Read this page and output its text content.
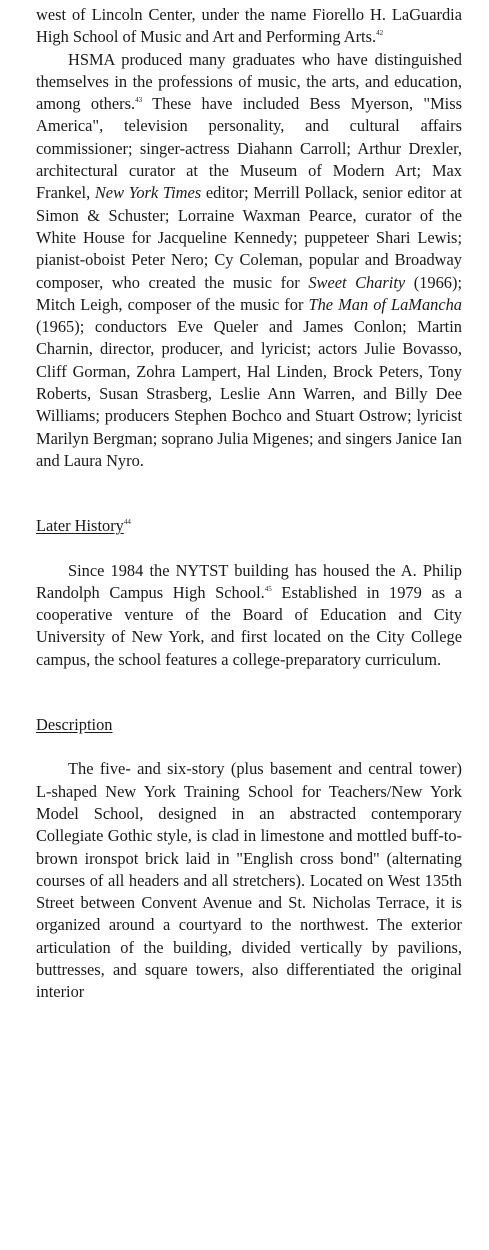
west of Lincoln Center, under the name Fiorello H. LaGuardia High School of Music and Art and Performing Arts.$^{42}$

HSMA produced many graduates who have distinguished themselves in the professions of music, the arts, and education, among others.$^{43}$ These have included Bess Myerson, "Miss America", television personality, and cultural affairs commissioner; singer-actress Diahann Carroll; Arthur Drexler, architectural curator at the Museum of Modern Art; Max Frankel, New York Times editor; Merrill Pollack, senior editor at Simon & Schuster; Lorraine Waxman Pearce, curator of the White House for Jacqueline Kennedy; puppeteer Shari Lewis; pianist-oboist Peter Nero; Cy Coleman, popular and Broadway composer, who created the music for Sweet Charity (1966); Mitch Leigh, composer of the music for The Man of LaMancha (1965); conductors Eve Queler and James Conlon; Martin Charnin, director, producer, and lyricist; actors Julie Bovasso, Cliff Gorman, Zohra Lampert, Hal Linden, Brock Peters, Tony Roberts, Susan Strasberg, Leslie Ann Warren, and Billy Dee Williams; producers Stephen Bochco and Stuart Ostrow; lyricist Marilyn Bergman; soprano Julia Migenes; and singers Janice Ian and Laura Nyro.

Later History$^{44}$

Since 1984 the NYTST building has housed the A. Philip Randolph Campus High School.$^{45}$ Established in 1979 as a cooperative venture of the Board of Education and City University of New York, and first located on the City College campus, the school features a college-preparatory curriculum.

Description

The five- and six-story (plus basement and central tower) L-shaped New York Training School for Teachers/New York Model School, designed in an abstracted contemporary Collegiate Gothic style, is clad in limestone and mottled buff-to-brown ironspot brick laid in "English cross bond" (alternating courses of all headers and all stretchers). Located on West 135th Street between Convent Avenue and St. Nicholas Terrace, it is organized around a courtyard to the northwest. The exterior articulation of the building, divided vertically by pavilions, buttresses, and square towers, also differentiated the original interior
